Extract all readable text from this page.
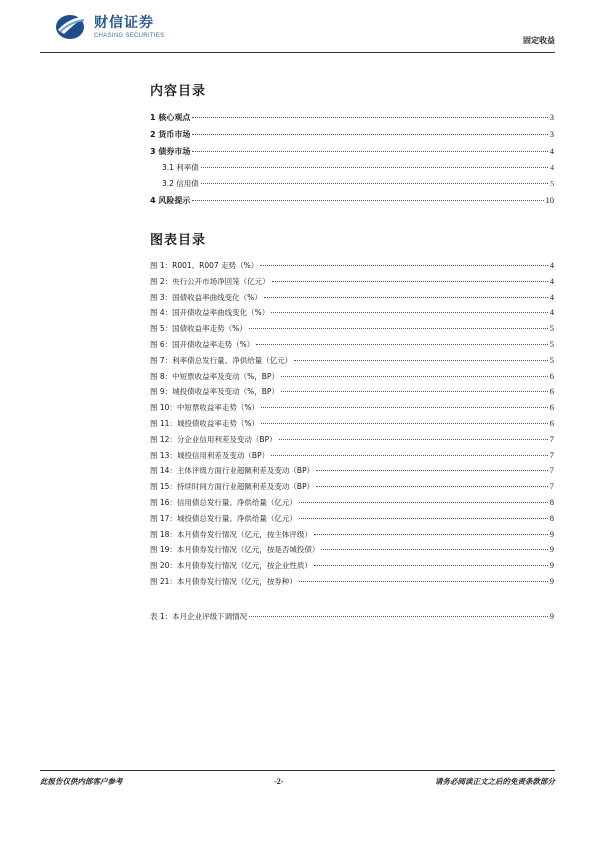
财信证券
CHASING SECURITIES	固定收益
内容目录
1 核心观点	3
2 货币市场	3
3 债券市场	4
3.1 利率债	4
3.2 信用债	5
4 风险提示	10
图表目录
图 1：R001、R007 走势（%）	4
图 2：央行公开市场净回笼（亿元）	4
图 3：国债收益率曲线变化（%）	4
图 4：国开债收益率曲线变化（%）	4
图 5：国债收益率走势（%）	5
图 6：国开债收益率走势（%）	5
图 7：利率债总发行量、净供给量（亿元）	5
图 8：中短票收益率及变动（%，BP）	6
图 9：城投债收益率及变动（%，BP）	6
图 10：中短票收益率走势（%）	6
图 11：城投债收益率走势（%）	6
图 12：分企业信用利差及变动（BP）	7
图 13：城投信用利差及变动（BP）	7
图 14：主体评级方面行业超额利差及变动（BP）	7
图 15：持续时间方面行业超额利差及变动（BP）	7
图 16：信用债总发行量、净供给量（亿元）	8
图 17：城投债总发行量、净供给量（亿元）	8
图 18：本月债券发行情况（亿元，按主体评级）	9
图 19：本月债券发行情况（亿元，按是否城投债）	9
图 20：本月债券发行情况（亿元，按企业性质）	9
图 21：本月债券发行情况（亿元，按券种）	9
表 1：本月企业评级下调情况	9
此报告仅供内部客户参考	-2-	请务必阅读正文之后的免责条款部分
